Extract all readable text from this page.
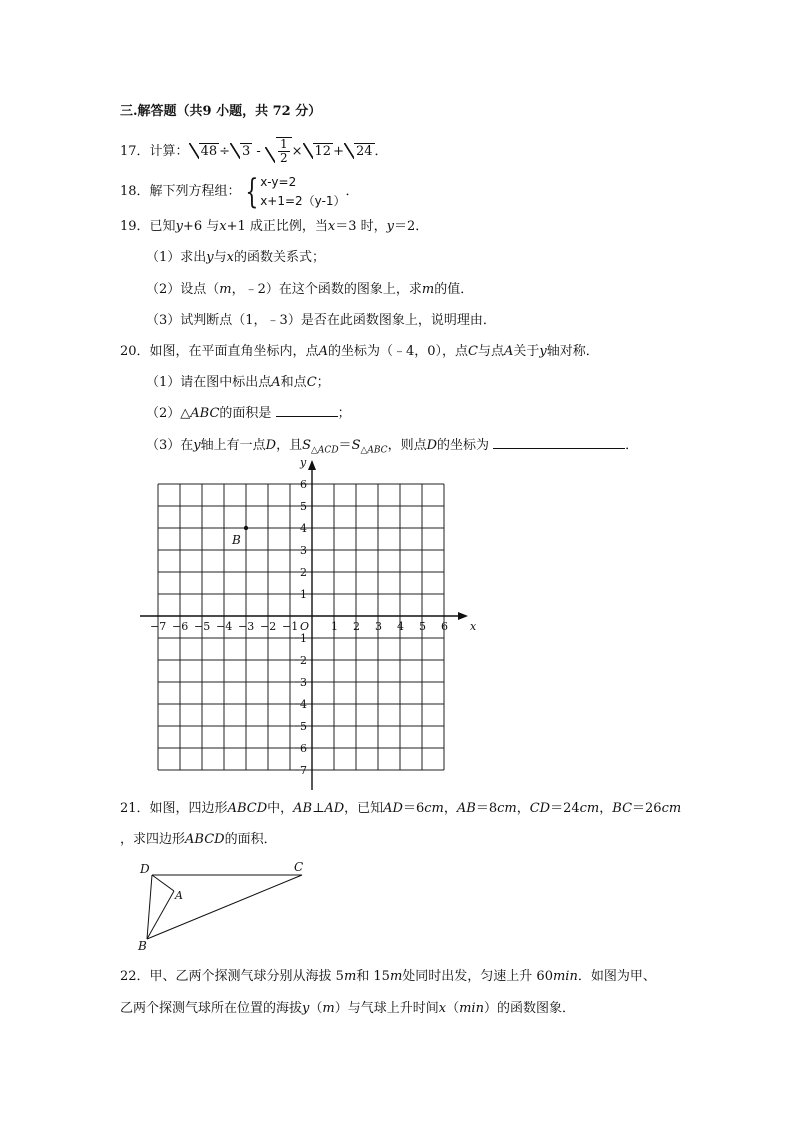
三.解答题（共9 小题，共 72 分）
17．计算： $48 \div 3 - \frac{1}{2} \times 12 + 24$ ．
18．解下列方程组： { x-y=2
x+1=2（y-1）
．
19．已知y+6 与x+1 成正比例，当x＝3 时，y＝2．
（1）求出y与x的函数关系式；
（2）设点（m，﹣2）在这个函数的图象上，求m的值．
（3）试判断点（1，﹣3）是否在此函数图象上，说明理由．
20．如图，在平面直角坐标内，点A的坐标为（﹣4，0），点C与点A关于y轴对称．
（1）请在图中标出点A和点C；
（2）△ABC的面积是	；
（3）在y轴上有一点D，且$S_{\triangle ACD}=S_{\triangle ABC}$，则点D的坐标为	．
x
y
O
−7 −6 −5 −4 −3 −2 −1	1 2 3 4 5 6
6
5
4
3
2
1
1
2
3
4
5
6
7
B
21．如图，四边形ABCD中，AB⊥AD，已知AD＝6cm，AB＝8cm，CD＝24cm，BC＝26cm
，求四边形ABCD的面积．
D	C
A
B
22．甲、乙两个探测气球分别从海拔 5m和 15m处同时出发，匀速上升 60min．如图为甲、
乙两个探测气球所在位置的海拔y（m）与气球上升时间x（min）的函数图象．
